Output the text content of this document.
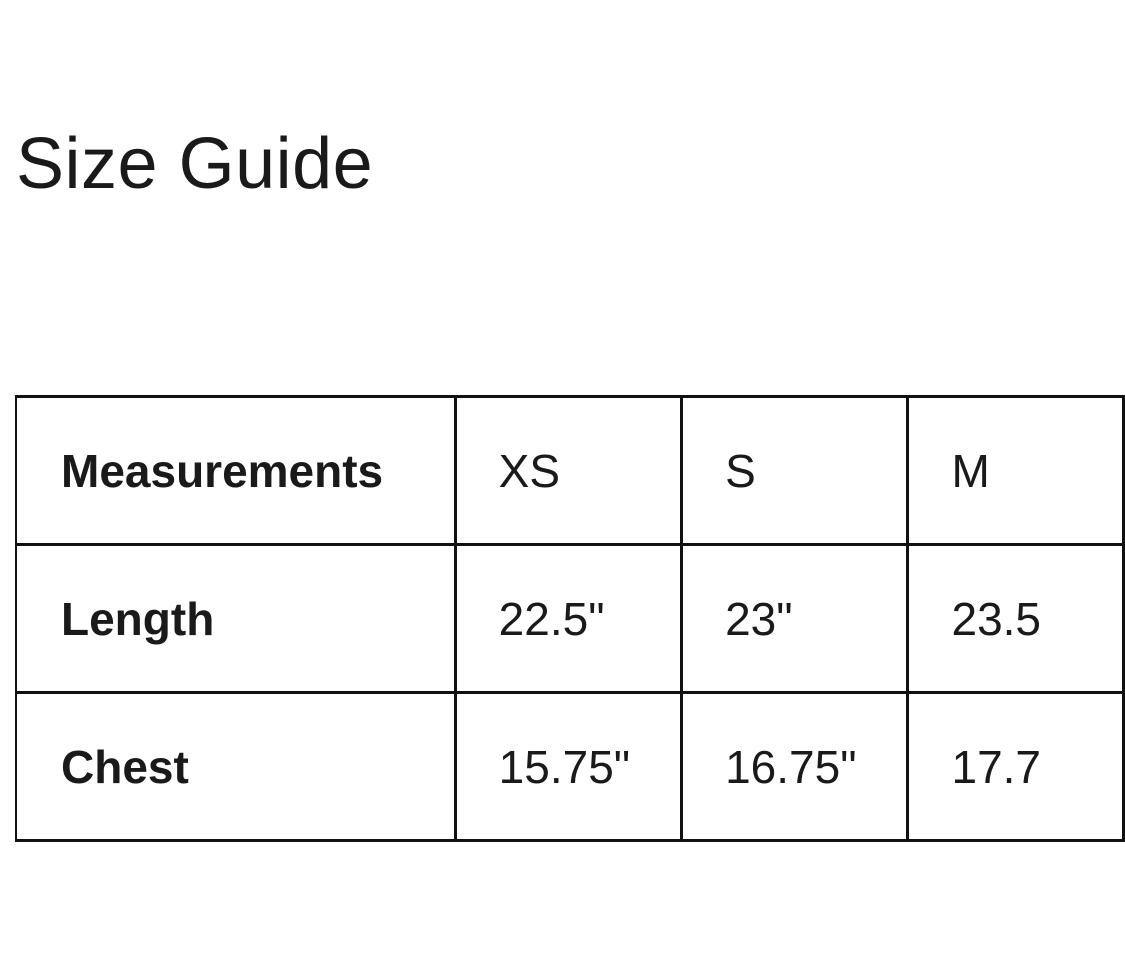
Size Guide
Measurements	XS	S	M
Length	22.5"	23"	23.5
Chest	15.75"	16.75"	17.7
